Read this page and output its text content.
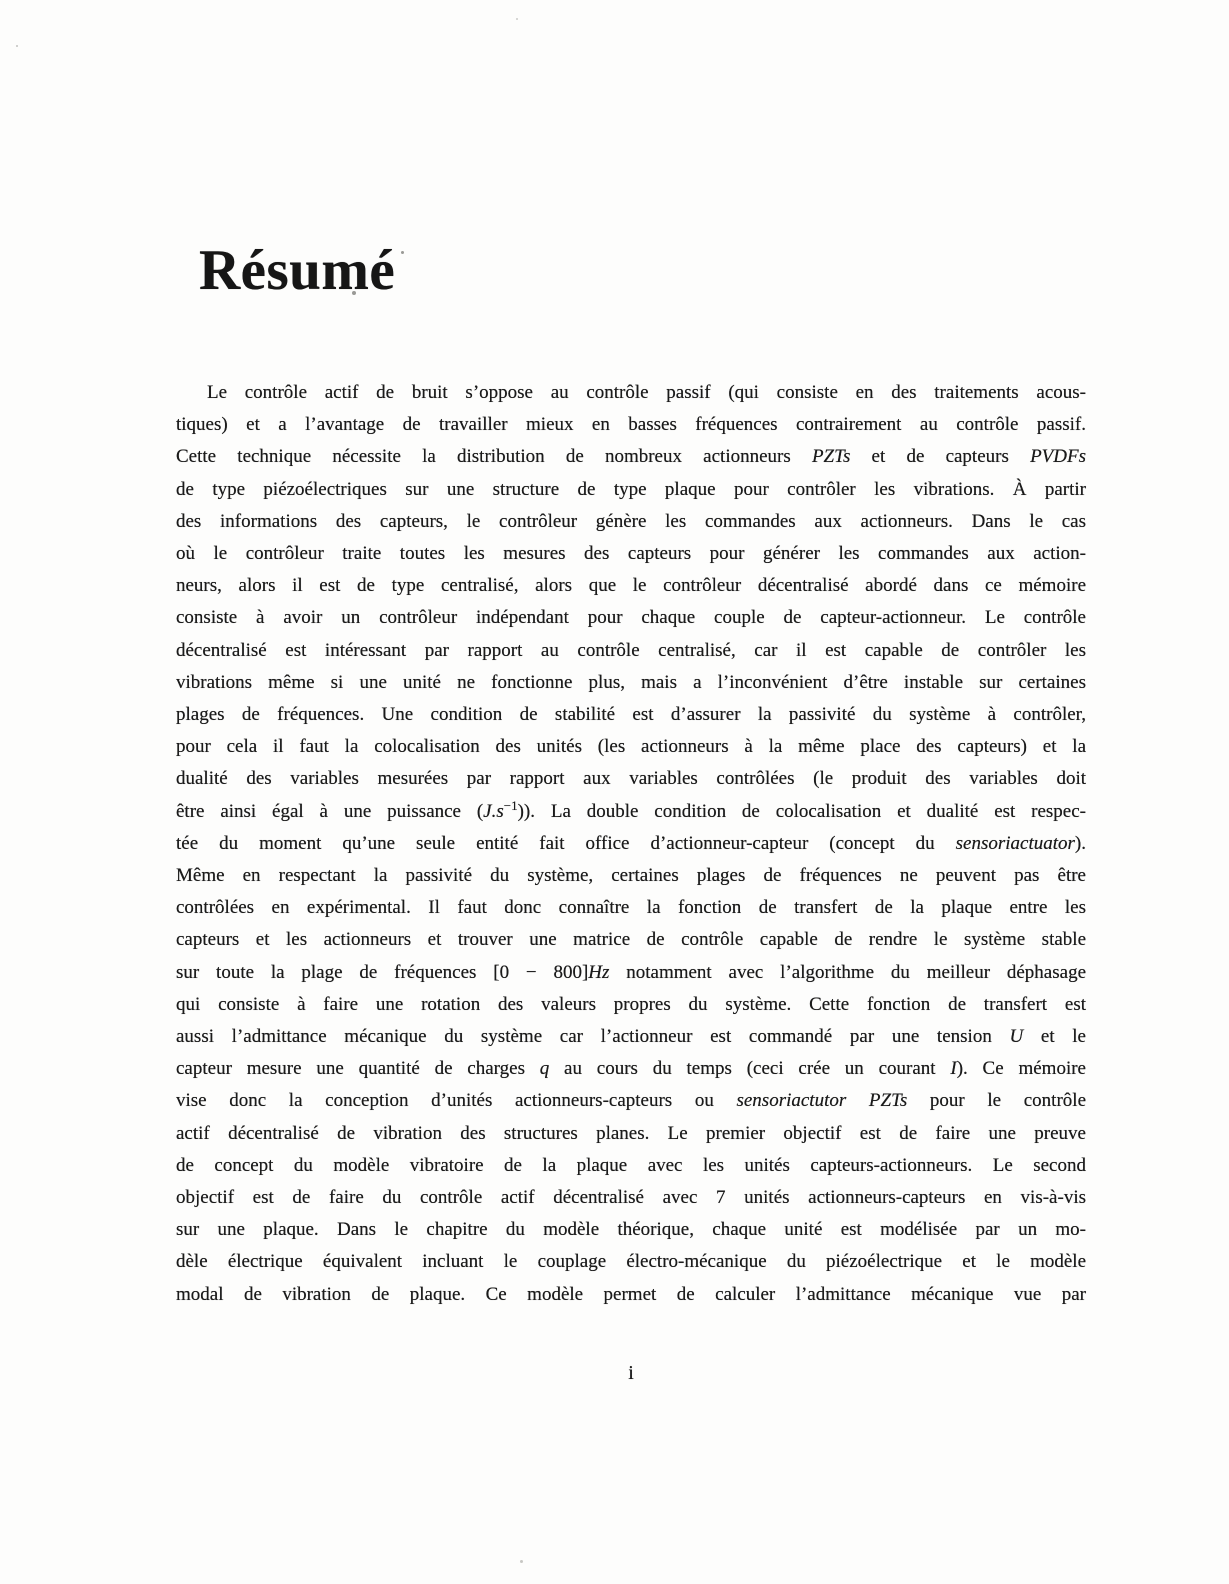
Résumé
Le contrôle actif de bruit s’oppose au contrôle passif (qui consiste en des traitements acous-
tiques) et a l’avantage de travailler mieux en basses fréquences contrairement au contrôle passif.
Cette technique nécessite la distribution de nombreux actionneurs PZTs et de capteurs PVDFs
de type piézoélectriques sur une structure de type plaque pour contrôler les vibrations. À partir
des informations des capteurs, le contrôleur génère les commandes aux actionneurs. Dans le cas
où le contrôleur traite toutes les mesures des capteurs pour générer les commandes aux action-
neurs, alors il est de type centralisé, alors que le contrôleur décentralisé abordé dans ce mémoire
consiste à avoir un contrôleur indépendant pour chaque couple de capteur-actionneur. Le contrôle
décentralisé est intéressant par rapport au contrôle centralisé, car il est capable de contrôler les
vibrations même si une unité ne fonctionne plus, mais a l’inconvénient d’être instable sur certaines
plages de fréquences. Une condition de stabilité est d’assurer la passivité du système à contrôler,
pour cela il faut la colocalisation des unités (les actionneurs à la même place des capteurs) et la
dualité des variables mesurées par rapport aux variables contrôlées (le produit des variables doit
être ainsi égal à une puissance $(J.s^{-1})$). La double condition de colocalisation et dualité est respec-
tée du moment qu’une seule entité fait office d’actionneur-capteur (concept du sensoriactuator).
Même en respectant la passivité du système, certaines plages de fréquences ne peuvent pas être
contrôlées en expérimental. Il faut donc connaître la fonction de transfert de la plaque entre les
capteurs et les actionneurs et trouver une matrice de contrôle capable de rendre le système stable
sur toute la plage de fréquences [0 − 800]Hz notamment avec l’algorithme du meilleur déphasage
qui consiste à faire une rotation des valeurs propres du système. Cette fonction de transfert est
aussi l’admittance mécanique du système car l’actionneur est commandé par une tension U et le
capteur mesure une quantité de charges q au cours du temps (ceci crée un courant I). Ce mémoire
vise donc la conception d’unités actionneurs-capteurs ou sensoriactutor PZTs pour le contrôle
actif décentralisé de vibration des structures planes. Le premier objectif est de faire une preuve
de concept du modèle vibratoire de la plaque avec les unités capteurs-actionneurs. Le second
objectif est de faire du contrôle actif décentralisé avec 7 unités actionneurs-capteurs en vis-à-vis
sur une plaque. Dans le chapitre du modèle théorique, chaque unité est modélisée par un mo-
dèle électrique équivalent incluant le couplage électro-mécanique du piézoélectrique et le modèle
modal de vibration de plaque. Ce modèle permet de calculer l’admittance mécanique vue par
i
